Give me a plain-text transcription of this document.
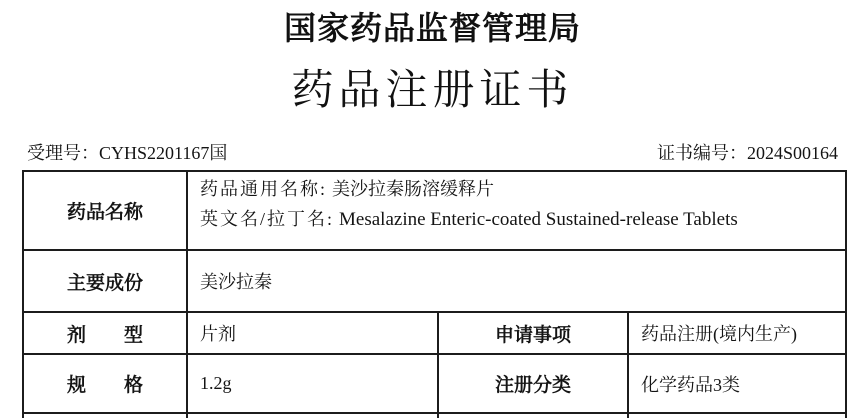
国家药品监督管理局
药品注册证书
受理号：CYHS2201167国	证书编号：2024S00164
药品名称	药品通用名称: 美沙拉秦肠溶缓释片
英文名/拉丁名: Mesalazine Enteric-coated Sustained-release Tablets		

主要成份	美沙拉秦		
剂　　型	片剂	申请事项	药品注册(境内生产)
规　　格	1.2g	注册分类	化学药品3类
